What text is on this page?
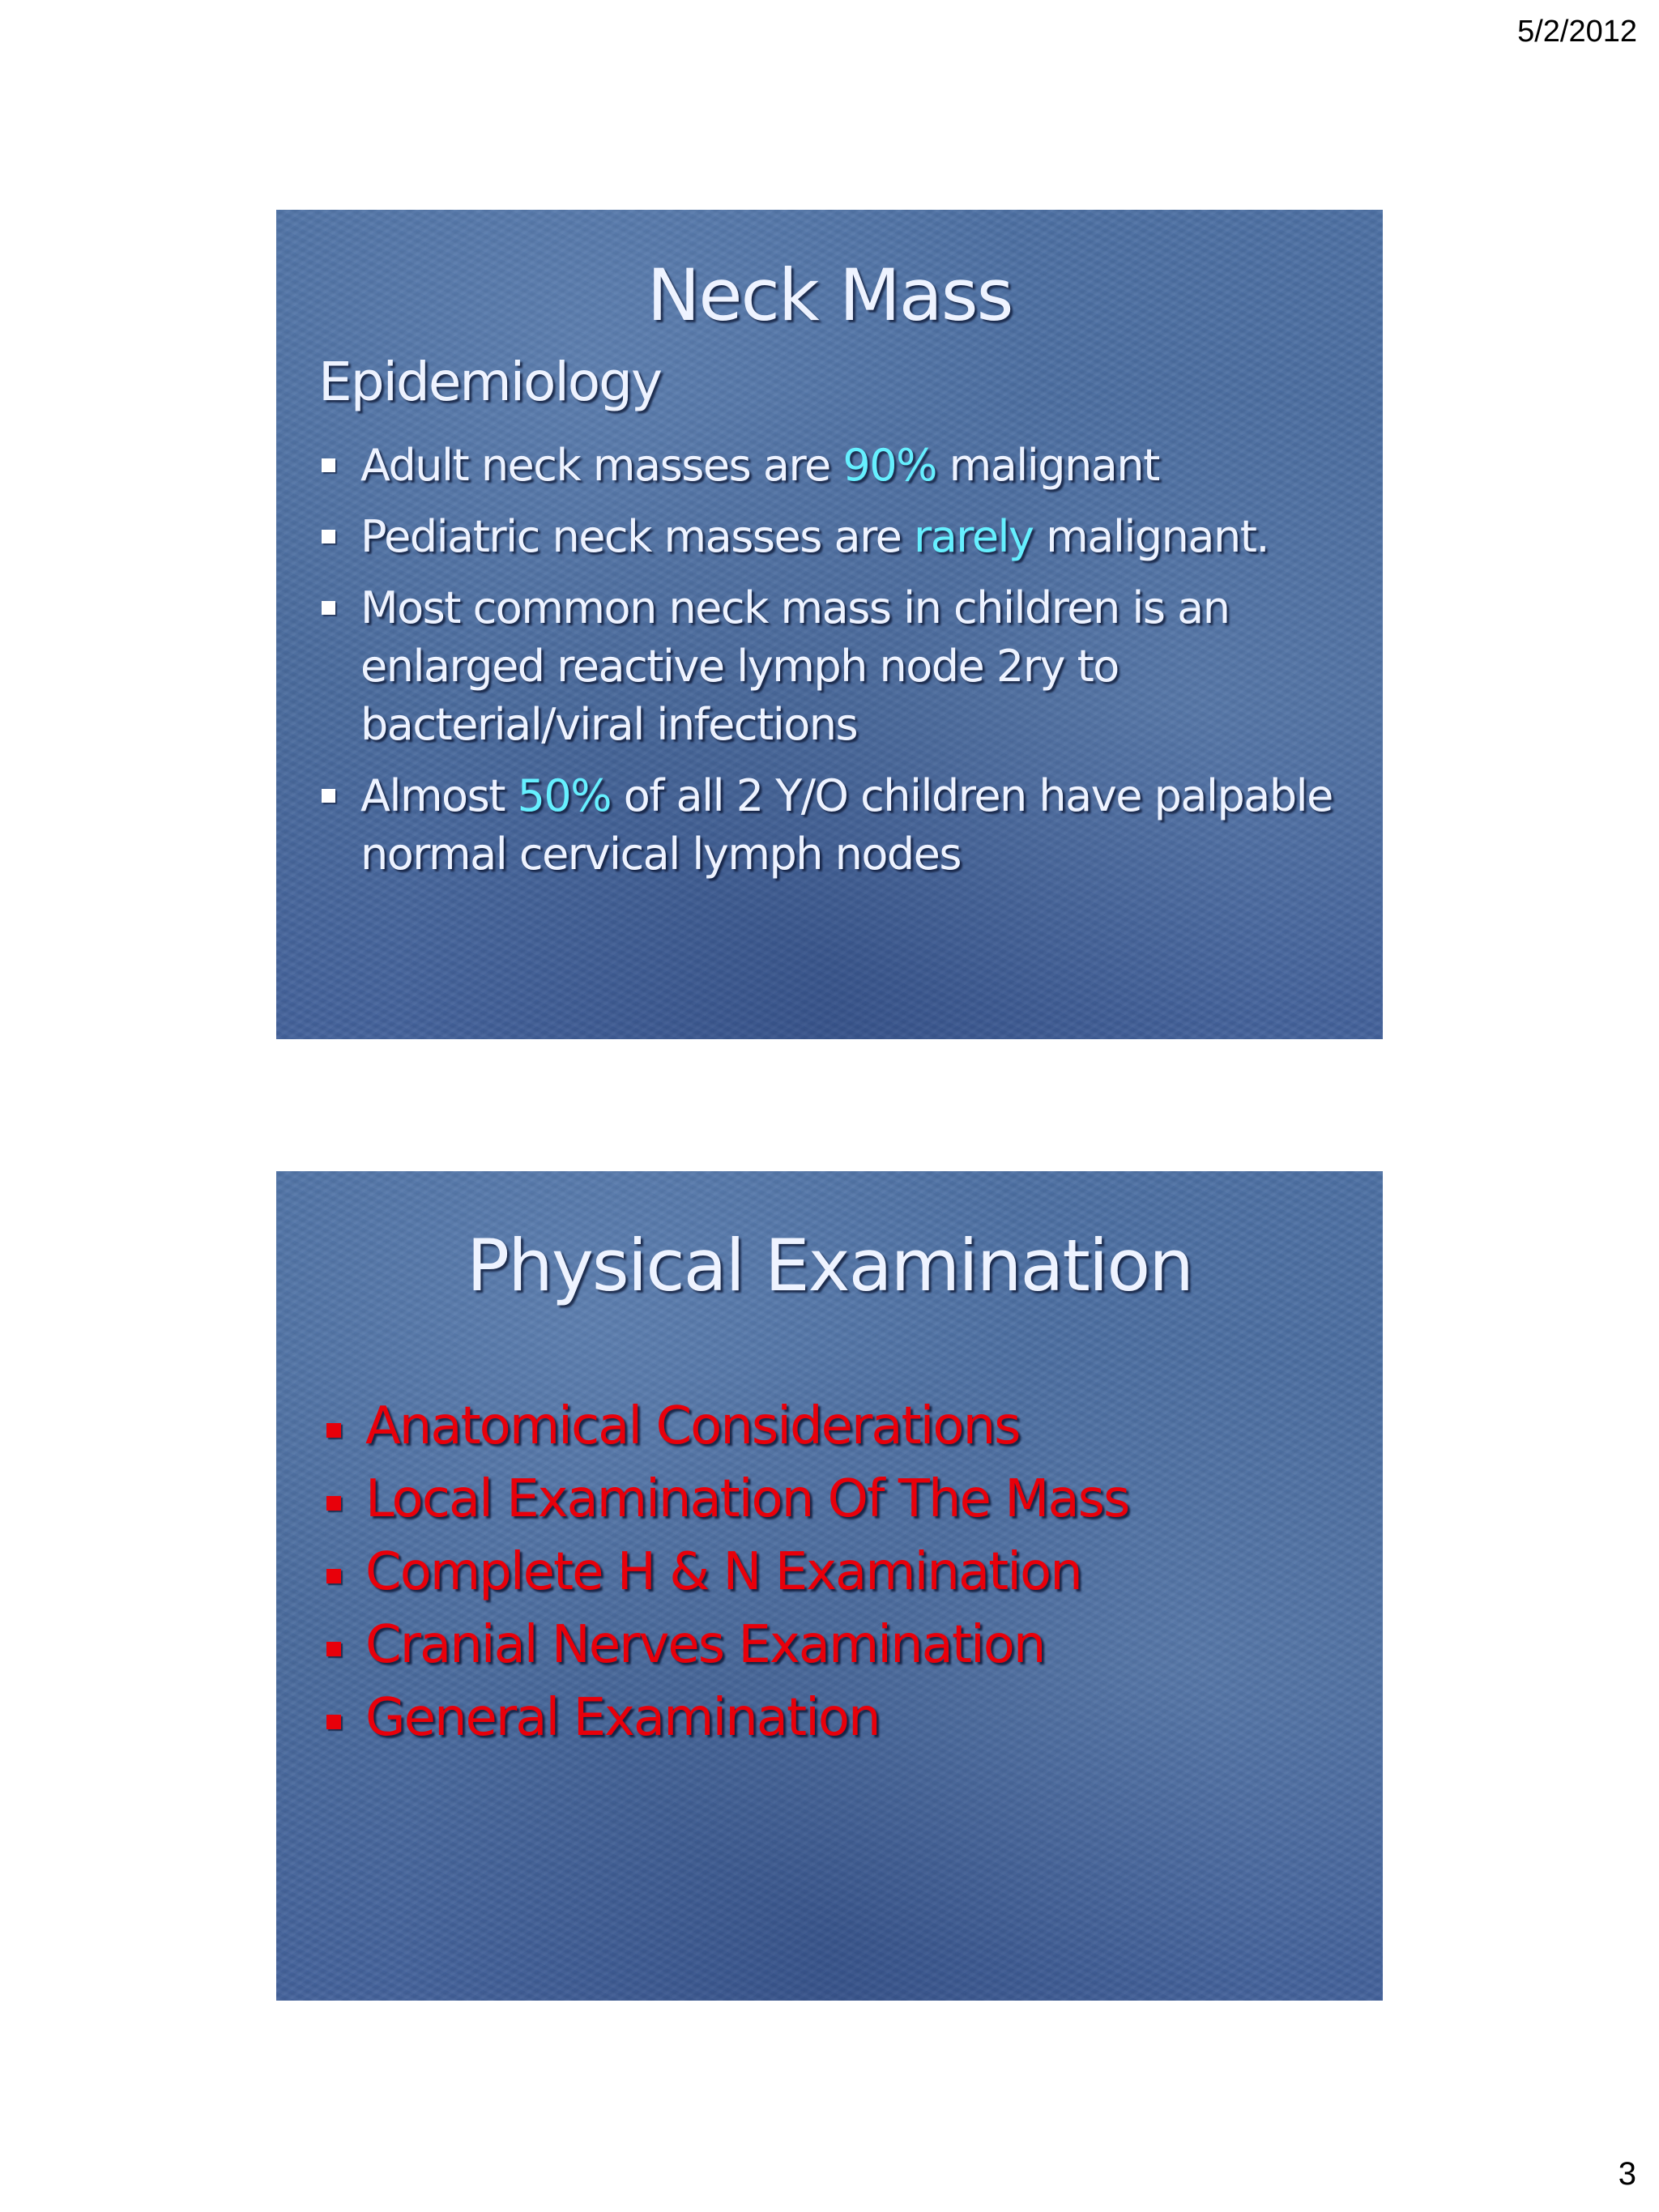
5/2/2012
Neck Mass
Epidemiology
Adult neck masses are 90% malignant
Pediatric neck masses are rarely malignant.
Most common neck mass in children is an enlarged reactive lymph node 2ry to bacterial/viral infections
Almost 50% of all 2 Y/O children have palpable normal cervical lymph nodes
Physical Examination
Anatomical Considerations
Local Examination Of The Mass
Complete H & N Examination
Cranial Nerves Examination
General Examination
3
